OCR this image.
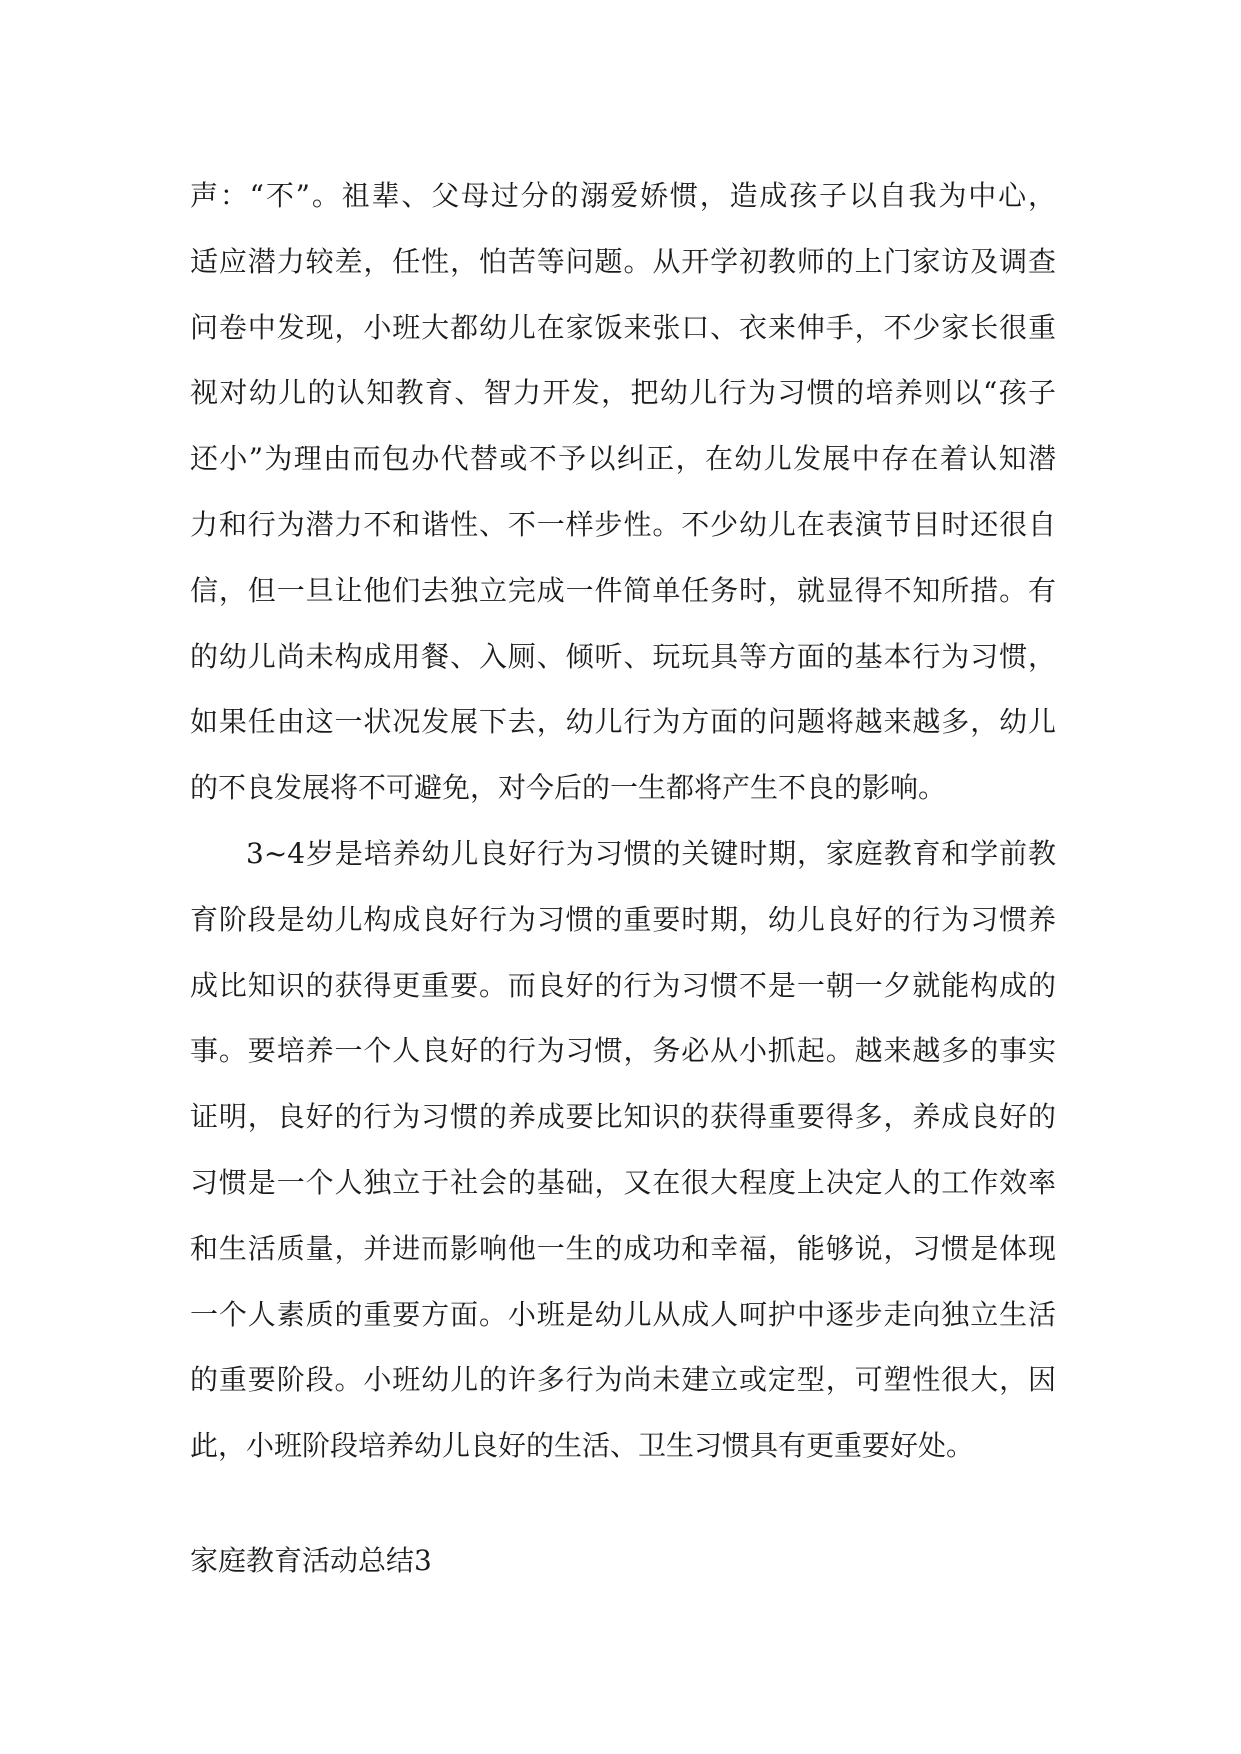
声：“不”。祖辈、父母过分的溺爱娇惯，造成孩子以自我为中心，
适应潜力较差，任性，怕苦等问题。从开学初教师的上门家访及调查
问卷中发现，小班大都幼儿在家饭来张口、衣来伸手，不少家长很重
视对幼儿的认知教育、智力开发，把幼儿行为习惯的培养则以“孩子
还小”为理由而包办代替或不予以纠正，在幼儿发展中存在着认知潜
力和行为潜力不和谐性、不一样步性。不少幼儿在表演节目时还很自
信，但一旦让他们去独立完成一件简单任务时，就显得不知所措。有
的幼儿尚未构成用餐、入厕、倾听、玩玩具等方面的基本行为习惯，
如果任由这一状况发展下去，幼儿行为方面的问题将越来越多，幼儿
的不良发展将不可避免，对今后的一生都将产生不良的影响。
3~4岁是培养幼儿良好行为习惯的关键时期，家庭教育和学前教
育阶段是幼儿构成良好行为习惯的重要时期，幼儿良好的行为习惯养
成比知识的获得更重要。而良好的行为习惯不是一朝一夕就能构成的
事。要培养一个人良好的行为习惯，务必从小抓起。越来越多的事实
证明，良好的行为习惯的养成要比知识的获得重要得多，养成良好的
习惯是一个人独立于社会的基础，又在很大程度上决定人的工作效率
和生活质量，并进而影响他一生的成功和幸福，能够说，习惯是体现
一个人素质的重要方面。小班是幼儿从成人呵护中逐步走向独立生活
的重要阶段。小班幼儿的许多行为尚未建立或定型，可塑性很大，因
此，小班阶段培养幼儿良好的生活、卫生习惯具有更重要好处。
家庭教育活动总结3
